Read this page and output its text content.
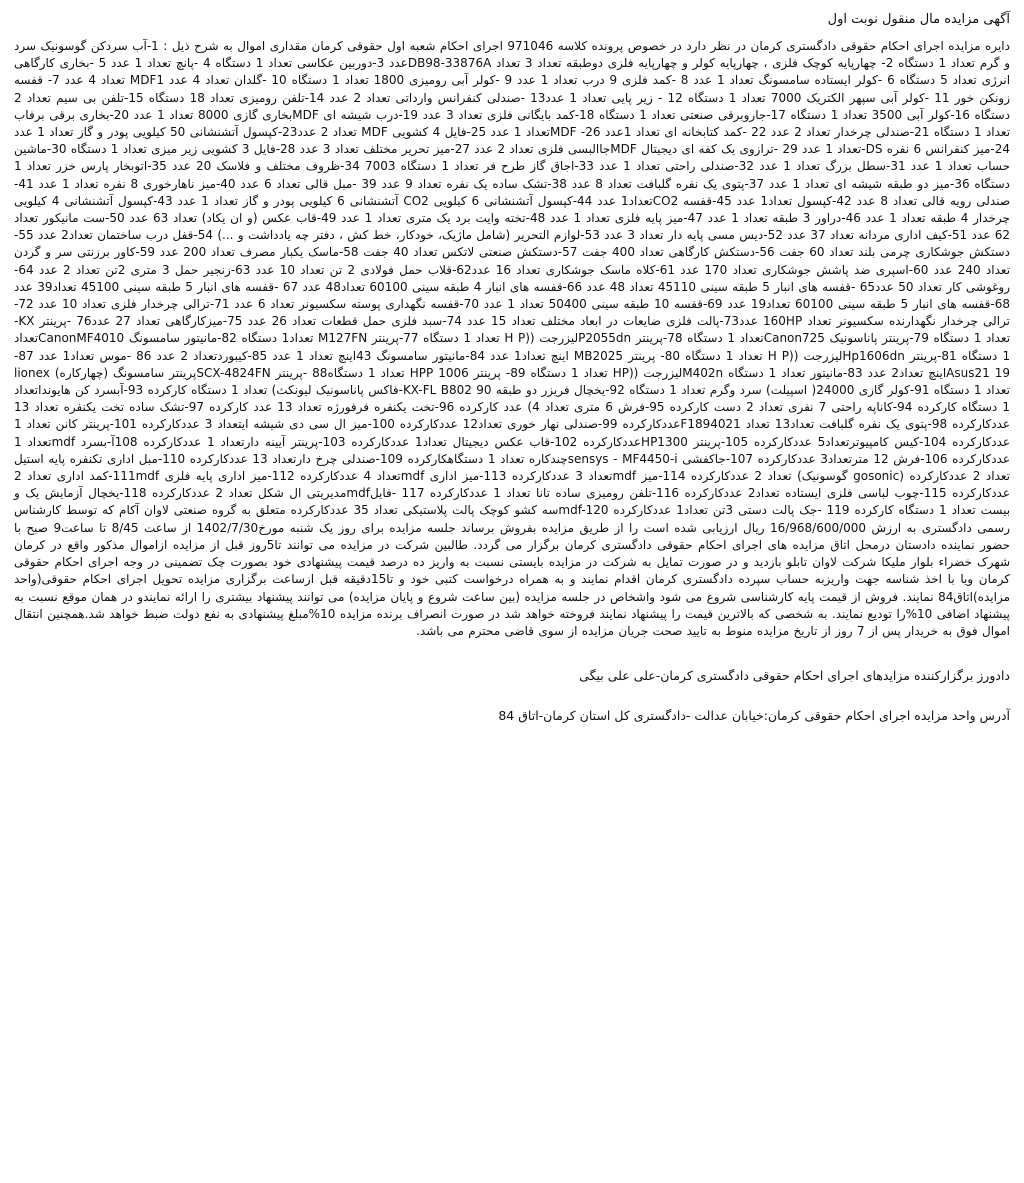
آگهی مزایده مال منقول نوبت اول

دایره مزایده اجرای احکام حقوقی دادگستری کرمان در نظر دارد در خصوص پرونده کلاسه 971046 اجرای احکام شعبه اول حقوقی کرمان مقداری اموال به شرح ذیل : 1-آب سردکن گوسونیک سرد و گرم تعداد 1 دستگاه 2- چهارپایه کوچک فلزی ، چهارپایه کولر و چهارپایه فلزی دوطبقه تعداد 3 تعداد DB98-33876Aعدد 3-دوربین عکاسی تعداد 1 دستگاه 4 -پانچ تعداد 1 عدد 5 -بخاری کارگاهی انرژی تعداد 5 دستگاه 6 -کولر ایستاده سامسونگ تعداد 1 عدد 8 -کمد فلزی 9 درب تعداد 1 عدد 9 -کولر آبی رومیزی 1800 تعداد 1 دستگاه 10 -گلدان تعداد 4 عدد MDF1 تعداد 4 عدد 7- قفسه زونکن خور 11 -کولر آبی سپهر الکتریک 7000 تعداد 1 دستگاه 12 - زیر پایی تعداد 1 عدد13 -صندلی کنفرانس وارداتی تعداد 2 عدد 14-تلفن رومیزی تعداد 18 دستگاه 15-تلفن بی سیم تعداد 2 دستگاه 16-کولر آبی 3500 تعداد 1 دستگاه 17-جاروبرقی صنعتی تعداد 1 دستگاه 18-کمد بایگانی فلزی تعداد 3 عدد 19-درب شیشه ای MDFبخاری گازی 8000 تعداد 1 عدد 20-بخاری برقی برفاب تعداد 1 دستگاه 21-صندلی چرخدار تعداد 2 عدد 22 -کمد کتابخانه ای تعداد 1عدد 26- MDFتعداد 1 عدد 25-فایل 4 کشویی MDF تعداد 2 عدد23-کپسول آتشنشانی 50 کیلویی پودر و گاز تعداد 1 عدد 24-میز کنفرانس 6 نفره DS-تعداد 1 عدد 29 -ترازوی یک کفه ای دیجیتال MDFجاالبسی فلزی تعداد 2 عدد 27-میز تحریر مختلف تعداد 3 عدد 28-فایل 3 کشویی زیر میزی تعداد 1 دستگاه 30-ماشین حساب تعداد 1 عدد 31-سطل بزرگ تعداد 1 عدد 32-صندلی راحتی تعداد 1 عدد 33-اجاق گاز طرح فر تعداد 1 دستگاه 7003 34-ظروف مختلف و فلاسک 20 عدد 35-اتوبخار پارس خزر تعداد 1 دستگاه 36-میز دو طبقه شیشه ای تعداد 1 عدد 37-پتوی یک نفره گلبافت تعداد 8 عدد 38-تشک ساده یک نفره تعداد 9 عدد 39 -مبل قالی تعداد 6 عدد 40-میز ناهارخوری 8 نفره تعداد 1 عدد 41-صندلی رویه قالی تعداد 8 عدد 42-کپسول تعداد1 عدد 45-قفسه CO2تعداد1 عدد 44-کپسول آتشنشانی 6 کیلویی CO2 آتشنشانی 6 کیلویی پودر و گاز تعداد 1 عدد 43-کپسول آتشنشانی 4 کیلویی چرخدار 4 طبقه تعداد 1 عدد 46-دراور 3 طبقه تعداد 1 عدد 47-میز پایه فلزی تعداد 1 عدد 48-تخته وایت برد یک متری تعداد 1 عدد 49-قاب عکس (و ان یکاد) تعداد 63 عدد 50-ست مانیکور تعداد 62 عدد 51-کیف اداری مردانه تعداد 37 عدد 52-دیس مسی پایه دار تعداد 3 عدد 53-لوازم التحریر (شامل ماژیک، خودکار، خط کش ، دفتر چه یادداشت و ...) 54-قفل درب ساختمان تعداد2 عدد 55-دستکش جوشکاری چرمی بلند تعداد 60 جفت 56-دستکش کارگاهی تعداد 400 جفت 57-دستکش صنعتی لاتکس تعداد 40 جفت 58-ماسک یکبار مصرف تعداد 200 عدد 59-کاور برزنتی سر و گردن تعداد 240 عدد 60-اسپری ضد پاشش جوشکاری تعداد 170 عدد 61-کلاه ماسک جوشکاری تعداد 16 عدد62-قلاب حمل فولادی 2 تن تعداد 10 عدد 63-زنجیر حمل 3 متری 2تن تعداد 2 عدد 64-روغوشی کار تعداد 50 عدد65 -قفسه های انبار 5 طبقه سینی 45110 تعداد 48 عدد 66-قفسه های انبار 4 طبقه سینی 60100 تعداد48 عدد 67 -قفسه های انبار 5 طبقه سینی 45100 تعداد39 عدد 68-قفسه های انبار 5 طبقه سینی 60100 تعداد19 عدد 69-قفسه 10 طبقه سینی 50400 تعداد 1 عدد 70-قفسه نگهداری پوسته سکسیونر تعداد 6 عدد 71-ترالی چرخدار فلزی تعداد 10 عدد 72-ترالی چرخدار نگهدارنده سکسیونر تعداد 160HP عدد73-پالت فلزی ضایعات در ابعاد مختلف تعداد 15 عدد 74-سبد فلزی حمل قطعات تعداد 26 عدد 75-میزکارگاهی تعداد 27 عدد76 -پرینتر KX-تعداد 1 دستگاه 79-پرینتر پاناسونیک Canon725تعداد 1 دستگاه 78-پرینتر P2055dnلیزرجت ((H P تعداد 1 دستگاه 77-پرینتر M127FN تعداد1 دستگاه 82-مانیتور سامسونگ CanonMF4010تعداد 1 دستگاه 81-پرینتر Hp1606dnلیزرجت ((H P تعداد 1 دستگاه 80- پرینتر MB2025 اینچ تعداد1 عدد 84-مانیتور سامسونگ 43اینچ تعداد 1 عدد 85-کیبوردتعداد 2 عدد 86 -موس تعداد1 عدد 87-Asus21 19اینچ تعداد2 عدد 83-مانیتور تعداد 1 دستگاه M402nلیزرجت ((HP تعداد 1 دستگاه 89- پرینتر HPP 1006 تعداد 1 دستگاه88 -پرینتر SCX-4824FNپرینتر سامسونگ (چهارکاره) lionex تعداد 1 دستگاه 91-کولر گازی 24000( اسپیلت) سرد وگرم تعداد 1 دستگاه 92-یخچال فریزر دو طبقه KX-FL B802 90-فاکس پاناسونیک لیونکث) تعداد 1 دستگاه کارکرده 93-آبسرد کن هایونداتعداد 1 دستگاه کارکرده 94-کاناپه راحتی 7 نفری تعداد 2 دست کارکرده 95-فرش 6 متری تعداد 4) عدد کارکرده 96-تخت یکنفره فرفورژه تعداد 13 عدد کارکرده 97-تشک ساده تخت یکنفره تعداد 13 عددکارکرده 98-پتوی یک نفره گلبافت تعداد13 تعداد F1894021عددکارکرده 99-صندلی نهار خوری تعداد12 عددکارکرده 100-میز ال سی دی شیشه ایتعداد 3 عددکارکرده 101-پرینتر کانن تعداد 1 عددکارکرده 104-کیس کامپیوترتعداد5 عددکارکرده 105-پرینتر HP1300عددکارکرده 102-قاب عکس دیجیتال تعداد1 عددکارکرده 103-پرینتر آیینه دارتعداد 1 عددکارکرده 108آ-بسرد mdfتعداد 1 عددکارکرده 106-فرش 12 مترتعداد3 عددکارکرده 107-جاکفشی sensys - MF4450-iچندکاره تعداد 1 دستگاهکارکرده 109-صندلی چرخ دارتعداد 13 عددکارکرده 110-مبل اداری تکنفره پایه استیل تعداد 2 عددکارکرده (gosonic گوسونیک) تعداد 2 عددکارکرده 114-میز mdfتعداد 3 عددکارکرده 113-میز اداری mdfتعداد 4 عددکارکرده 112-میز اداری پایه فلزی 111mdf-کمد اداری تعداد 2 عددکارکرده 115-چوب لباسی فلزی ایستاده تعداد2 عددکارکرده 116-تلفن رومیزی ساده تانا تعداد 1 عددکارکرده 117 -فایلmdfمدیریتی ال شکل تعداد 2 عددکارکرده 118-یخچال آزمایش یک و بیست تعداد 1 دستگاه کارکرده 119 -جک پالت دستی 3تن تعداد1 عددکارکرده mdf-120سه کشو کوچک پالت پلاستیکی تعداد 35 عددکارکرده متعلق به گروه صنعتی لاوان آکام که توسط کارشناس رسمی دادگستری به ارزش 16/968/600/000 ریال ارزیابی شده است را از طریق مزایده بفروش برساند جلسه مزایده برای روز یک شنبه مورخ1402/7/30 از ساعت 8/45 تا ساعت9 صبح با حضور نماینده دادستان درمحل اتاق مزایده های اجرای احکام حقوقی دادگستری کرمان برگزار می گردد. طالبین شرکت در مزایده می توانند تا5روز قبل از مزایده ازاموال مذکور واقع در کرمان شهرک خضراء بلوار ملیکا شرکت لاوان تابلو بازدید و در صورت تمایل به شرکت در مزایده بایستی نسبت به واریز ده درصد قیمت پیشنهادی خود بصورت چک تضمینی در وجه اجرای احکام حقوقی کرمان ویا با اخذ شناسه جهت واریزبه حساب سپرده دادگستری کرمان اقدام نمایند و به همراه درخواست کتبی خود و تا15دقیقه قبل ازساعت برگزاری مزایده تحویل اجرای احکام حقوقی(واحد مزایده)اتاق84 نمایند. فروش از قیمت پایه کارشناسی شروع می شود واشخاص در جلسه مزایده (بین ساعت شروع و پایان مزایده) می توانند پیشنهاد بیشتری را ارائه نمایندو در همان موقع نسبت به پیشنهاد اضافی 10%را تودیع نمایند. به شخصی که بالاترین قیمت را پیشنهاد نمایند فروخته خواهد شد در صورت انصراف برنده مزایده 10%مبلغ پیشنهادی به نفع دولت ضبط خواهد شد.همچنین انتقال اموال فوق به خریدار پس از 7 روز از تاریخ مزایده منوط به تایید صحت جریان مزایده از سوی قاضی محترم می باشد.

دادورز برگزارکننده مزایدهای اجرای احکام حقوقی دادگستری کرمان-علی علی بیگی
آدرس واحد مزایده اجرای احکام حقوقی کرمان:خیابان عدالت -دادگستری کل استان کرمان-اتاق 84
